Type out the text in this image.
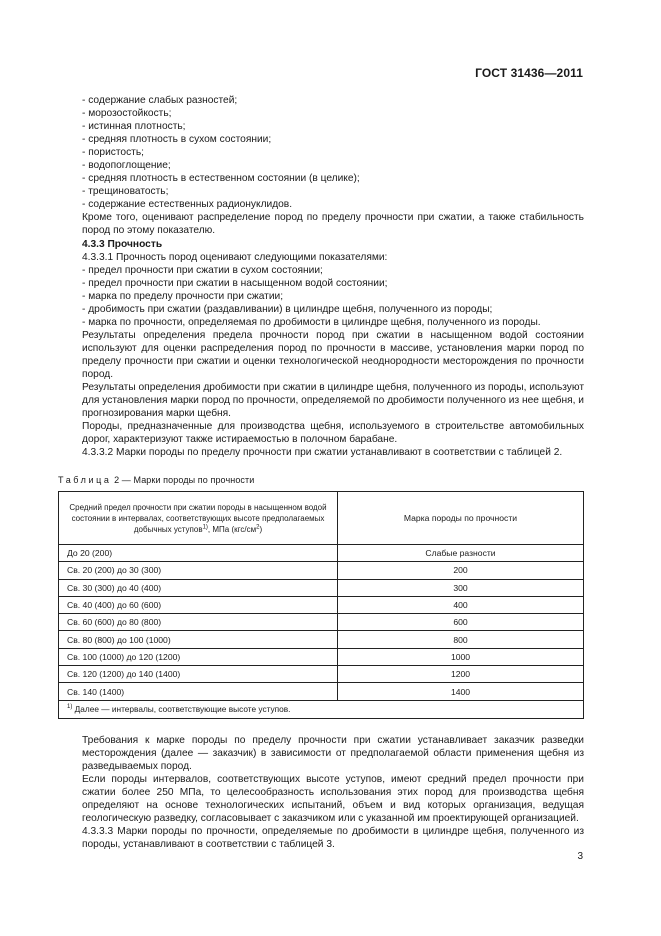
ГОСТ 31436—2011

- содержание слабых разностей;

- морозостойкость;

- истинная плотность;

- средняя плотность в сухом состоянии;

- пористость;

- водопоглощение;

- средняя плотность в естественном состоянии (в целике);

- трещиноватость;

- содержание естественных радионуклидов.

Кроме того, оценивают распределение пород по пределу прочности при сжатии, а также стабильность пород по этому показателю.

4.3.3 Прочность

4.3.3.1 Прочность пород оценивают следующими показателями:

- предел прочности при сжатии в сухом состоянии;

- предел прочности при сжатии в насыщенном водой состоянии;

- марка по пределу прочности при сжатии;

- дробимость при сжатии (раздавливании) в цилиндре щебня, полученного из породы;

- марка по прочности, определяемая по дробимости в цилиндре щебня, полученного из породы.

Результаты определения предела прочности пород при сжатии в насыщенном водой состоянии используют для оценки распределения пород по прочности в массиве, установления марки пород по пределу прочности при сжатии и оценки технологической неоднородности месторождения по прочности пород.

Результаты определения дробимости при сжатии в цилиндре щебня, полученного из породы, используют для установления марки пород по прочности, определяемой по дробимости полученного из нее щебня, и прогнозирования марки щебня.

Породы, предназначенные для производства щебня, используемого в строительстве автомобильных дорог, характеризуют также истираемостью в полочном барабане.

4.3.3.2 Марки породы по пределу прочности при сжатии устанавливают в соответствии с таблицей 2.

Таблица 2 — Марки породы по прочности
Средний предел прочности при сжатии породы в насыщенном водой состоянии в интервалах, соответствующих высоте предполагаемых добычных уступов$^{1)}$, МПа $(кгс/см^2)$	Марка породы по прочности
До 20 (200)	Слабые разности
Св. 20 (200) до 30 (300)	200
Св. 30 (300) до 40 (400)	300
Св. 40 (400) до 60 (600)	400
Св. 60 (600) до 80 (800)	600
Св. 80 (800) до 100 (1000)	800
Св. 100 (1000) до 120 (1200)	1000
Св. 120 (1200) до 140 (1400)	1200
Св. 140 (1400)	1400
$^{1)}$ Далее — интервалы, соответствующие высоте уступов.	

Требования к марке породы по пределу прочности при сжатии устанавливает заказчик разведки месторождения (далее — заказчик) в зависимости от предполагаемой области применения щебня из разведываемых пород.

Если породы интервалов, соответствующих высоте уступов, имеют средний предел прочности при сжатии более 250 МПа, то целесообразность использования этих пород для производства щебня определяют на основе технологических испытаний, объем и вид которых организация, ведущая геологическую разведку, согласовывает с заказчиком или с указанной им проектирующей организацией.

4.3.3.3 Марки породы по прочности, определяемые по дробимости в цилиндре щебня, полученного из породы, устанавливают в соответствии с таблицей 3.

3
